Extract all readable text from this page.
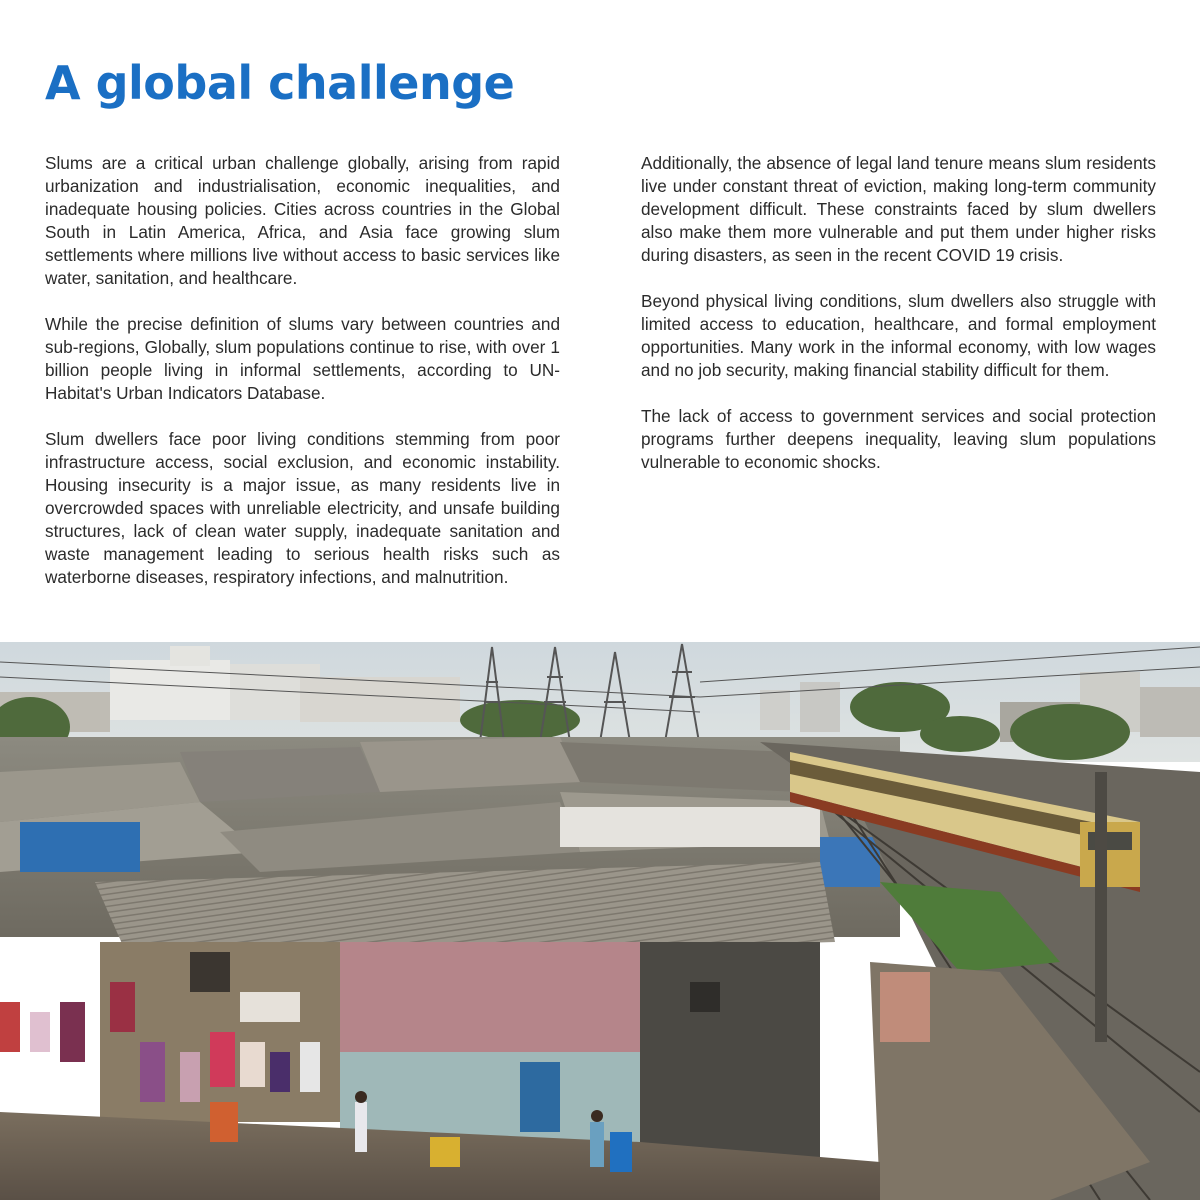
A global challenge

Slums are a critical urban challenge globally, arising from rapid urbanization and industrialisation, economic inequalities, and inadequate housing policies. Cities across countries in the Global South in Latin America, Africa, and Asia face growing slum settlements where millions live without access to basic services like water, sanitation, and healthcare.

While the precise definition of slums vary between countries and sub-regions, Globally, slum populations continue to rise, with over 1 billion people living in informal settlements, according to UN-Habitat's Urban Indicators Database.

Slum dwellers face poor living conditions stemming from poor infrastructure access, social exclusion, and economic instability. Housing insecurity is a major issue, as many residents live in overcrowded spaces with unreliable electricity, and unsafe building structures, lack of clean water supply, inadequate sanitation and waste management leading to serious health risks such as waterborne diseases, respiratory infections, and malnutrition.

Additionally, the absence of legal land tenure means slum residents live under constant threat of eviction, making long-term community development difficult. These constraints faced by slum dwellers also make them more vulnerable and put them under higher risks during disasters, as seen in the recent COVID 19 crisis.

Beyond physical living conditions, slum dwellers also struggle with limited access to education, healthcare, and formal employment opportunities. Many work in the informal economy, with low wages and no job security, making financial stability difficult for them.

The lack of access to government services and social protection programs further deepens inequality, leaving slum populations vulnerable to economic shocks.
